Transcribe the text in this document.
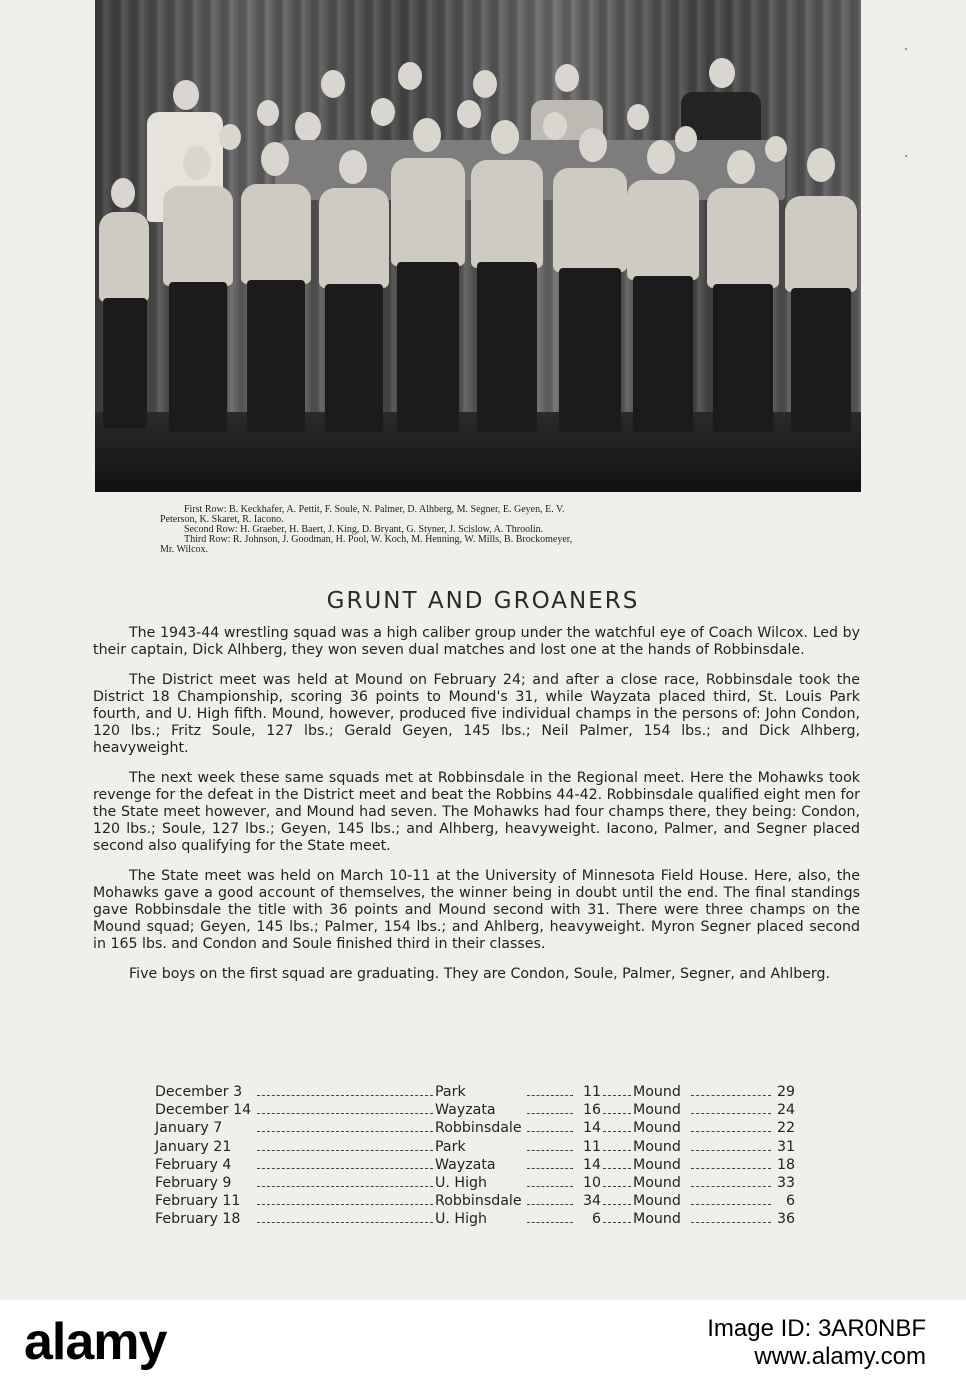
First Row: B. Keckhafer, A. Pettit, F. Soule, N. Palmer, D. Alhberg, M. Segner, E. Geyen, E. V.
Peterson, K. Skaret, R. Iacono.
Second Row: H. Graeber, H. Baert, J. King, D. Bryant, G. Styner, J. Scislow, A. Throolin.
Third Row: R. Johnson, J. Goodman, H. Pool, W. Koch, M. Henning, W. Mills, B. Brockomeyer,
Mr. Wilcox.
GRUNT AND GROANERS

The 1943-44 wrestling squad was a high caliber group under the watchful eye of Coach Wilcox. Led by their captain, Dick Alhberg, they won seven dual matches and lost one at the hands of Robbinsdale.

The District meet was held at Mound on February 24; and after a close race, Robbinsdale took the District 18 Championship, scoring 36 points to Mound's 31, while Wayzata placed third, St. Louis Park fourth, and U. High fifth. Mound, however, produced five individual champs in the persons of: John Condon, 120 lbs.; Fritz Soule, 127 lbs.; Gerald Geyen, 145 lbs.; Neil Palmer, 154 lbs.; and Dick Alhberg, heavyweight.

The next week these same squads met at Robbinsdale in the Regional meet. Here the Mohawks took revenge for the defeat in the District meet and beat the Robbins 44-42. Robbinsdale qualified eight men for the State meet however, and Mound had seven. The Mohawks had four champs there, they being: Condon, 120 lbs.; Soule, 127 lbs.; Geyen, 145 lbs.; and Alhberg, heavyweight. Iacono, Palmer, and Segner placed second also qualifying for the State meet.

The State meet was held on March 10-11 at the University of Minnesota Field House. Here, also, the Mohawks gave a good account of themselves, the winner being in doubt until the end. The final standings gave Robbinsdale the title with 36 points and Mound second with 31. There were three champs on the Mound squad; Geyen, 145 lbs.; Palmer, 154 lbs.; and Ahlberg, heavyweight. Myron Segner placed second in 165 lbs. and Condon and Soule finished third in their classes.

Five boys on the first squad are graduating. They are Condon, Soule, Palmer, Segner, and Ahlberg.

December 3	Park	11 Mound	29
December 14	Wayzata	16 Mound	24
January 7	Robbinsdale	14 Mound	22
January 21	Park	11 Mound	31
February 4	Wayzata	14 Mound	18
February 9	U. High	10 Mound	33
February 11	Robbinsdale	34 Mound	6
February 18	U. High	6 Mound	36
alamy	Image ID: 3AR0NBF
www.alamy.com
